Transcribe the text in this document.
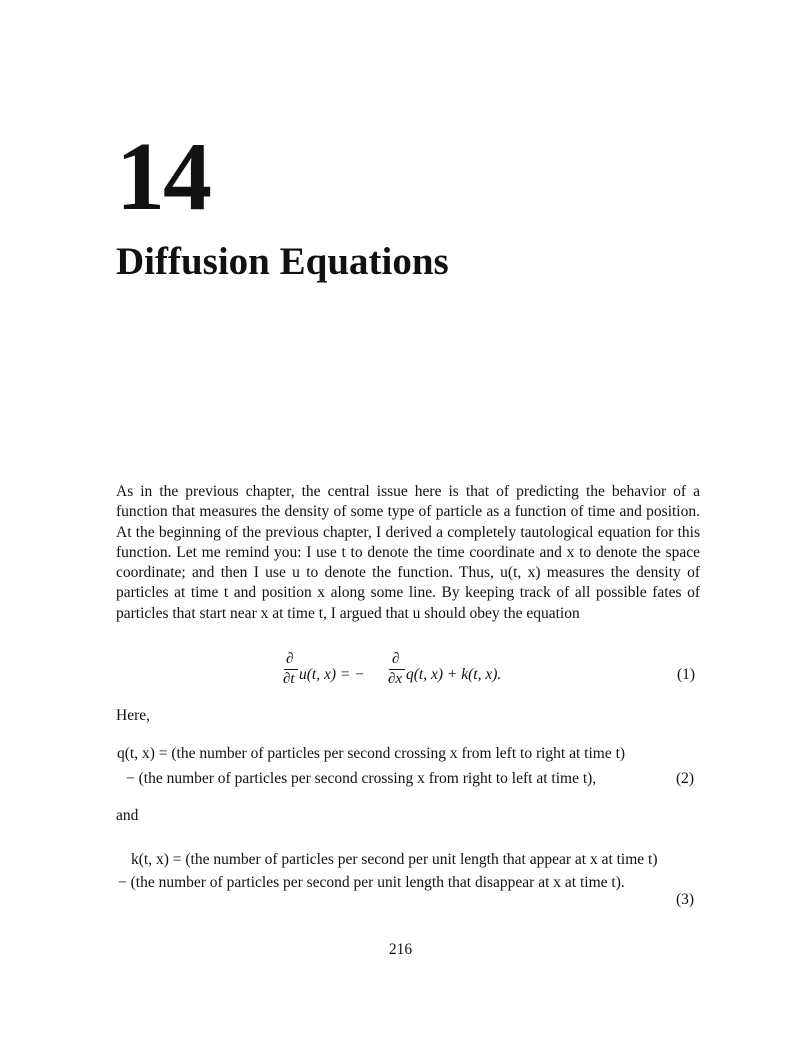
14
Diffusion Equations

As in the previous chapter, the central issue here is that of predicting the behavior of a function that measures the density of some type of particle as a function of time and position. At the beginning of the previous chapter, I derived a completely tautological equation for this function. Let me remind you: I use t to denote the time coordinate and x to denote the space coordinate; and then I use u to denote the function. Thus, u(t, x) measures the density of particles at time t and position x along some line. By keeping track of all possible fates of particles that start near x at time t, I argued that u should obey the equation

∂
∂t u(t, x) = −
∂
∂x q(t, x) + k(t, x).	(1)

Here,

q(t, x) = (the number of particles per second crossing x from left to right at time t)

− (the number of particles per second crossing x from right to left at time t),	(2)

and

k(t, x) = (the number of particles per second per unit length that appear at x at time t)

− (the number of particles per second per unit length that disappear at x at time t).

(3)

216
